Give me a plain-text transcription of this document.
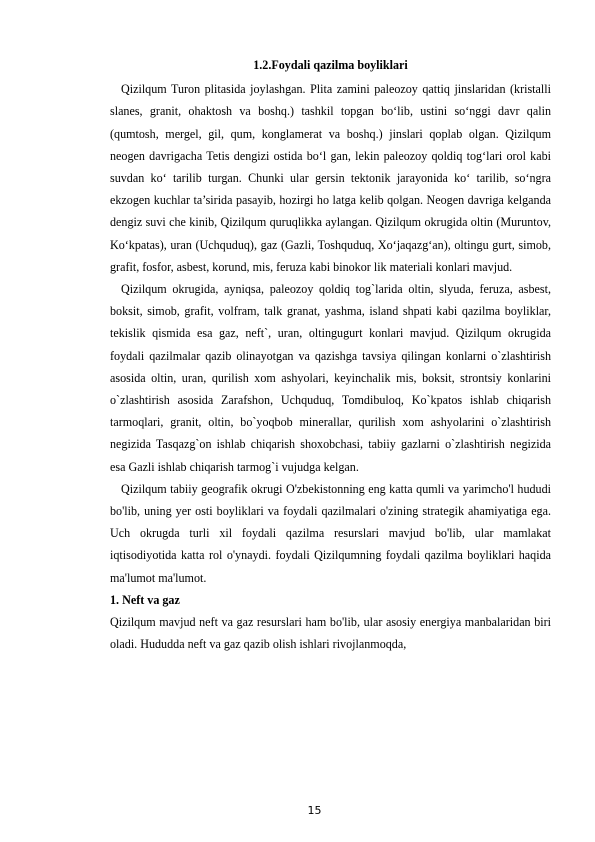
1.2.Foydali qazilma boyliklari

Qizilqum Turon plitasida joylashgan. Plita zamini paleozoy qattiq jinslaridan (kristalli slanes, granit, ohaktosh va boshq.) tashkil topgan bo‘lib, ustini so‘nggi davr qalin (qumtosh, mergel, gil, qum, konglamerat va boshq.) jinslari qoplab olgan. Qizilqum neogen davrigacha Tetis dengizi ostida bo‘l gan, lekin paleozoy qoldiq tog‘lari orol kabi suvdan ko‘ tarilib turgan. Chunki ular gersin tektonik jarayonida ko‘ tarilib, so‘ngra ekzogen kuchlar ta’sirida pasayib, hozirgi ho latga kelib qolgan. Neogen davriga kelganda dengiz suvi che kinib, Qizilqum quruqlikka aylangan. Qizilqum okrugida oltin (Muruntov, Ko‘kpatas), uran (Uchquduq), gaz (Gazli, Toshquduq, Xo‘jaqazg‘an), oltingu gurt, simob, grafit, fosfor, asbest, korund, mis, feruza kabi binokor lik materiali konlari mavjud.

Qizilqum okrugida, ayniqsa, paleozoy qoldiq tog`larida oltin, slyuda, feruza, asbest, boksit, simob, grafit, volfram, talk granat, yashma, island shpati kabi qazilma boyliklar, tekislik qismida esa gaz, neft`, uran, oltingugurt konlari mavjud. Qizilqum okrugida foydali qazilmalar qazib olinayotgan va qazishga tavsiya qilingan konlarni o`zlashtirish asosida oltin, uran, qurilish xom ashyolari, keyinchalik mis, boksit, strontsiy konlarini o`zlashtirish asosida Zarafshon, Uchquduq, Tomdibuloq, Ko`kpatos ishlab chiqarish tarmoqlari, granit, oltin, bo`yoqbob minerallar, qurilish xom ashyolarini o`zlashtirish negizida Tasqazg`on ishlab chiqarish shoxobchasi, tabiiy gazlarni o`zlashtirish negizida esa Gazli ishlab chiqarish tarmog`i vujudga kelgan.

Qizilqum tabiiy geografik okrugi O'zbekistonning eng katta qumli va yarimcho'l hududi bo'lib, uning yer osti boyliklari va foydali qazilmalari o'zining strategik ahamiyatiga ega. Uch okrugda turli xil foydali qazilma resurslari mavjud bo'lib, ular mamlakat iqtisodiyotida katta rol o'ynaydi. foydali Qizilqumning foydali qazilma boyliklari haqida ma'lumot ma'lumot.

1. Neft va gaz

Qizilqum mavjud neft va gaz resurslari ham bo'lib, ular asosiy energiya manbalaridan biri oladi. Hududda neft va gaz qazib olish ishlari rivojlanmoqda,

15
